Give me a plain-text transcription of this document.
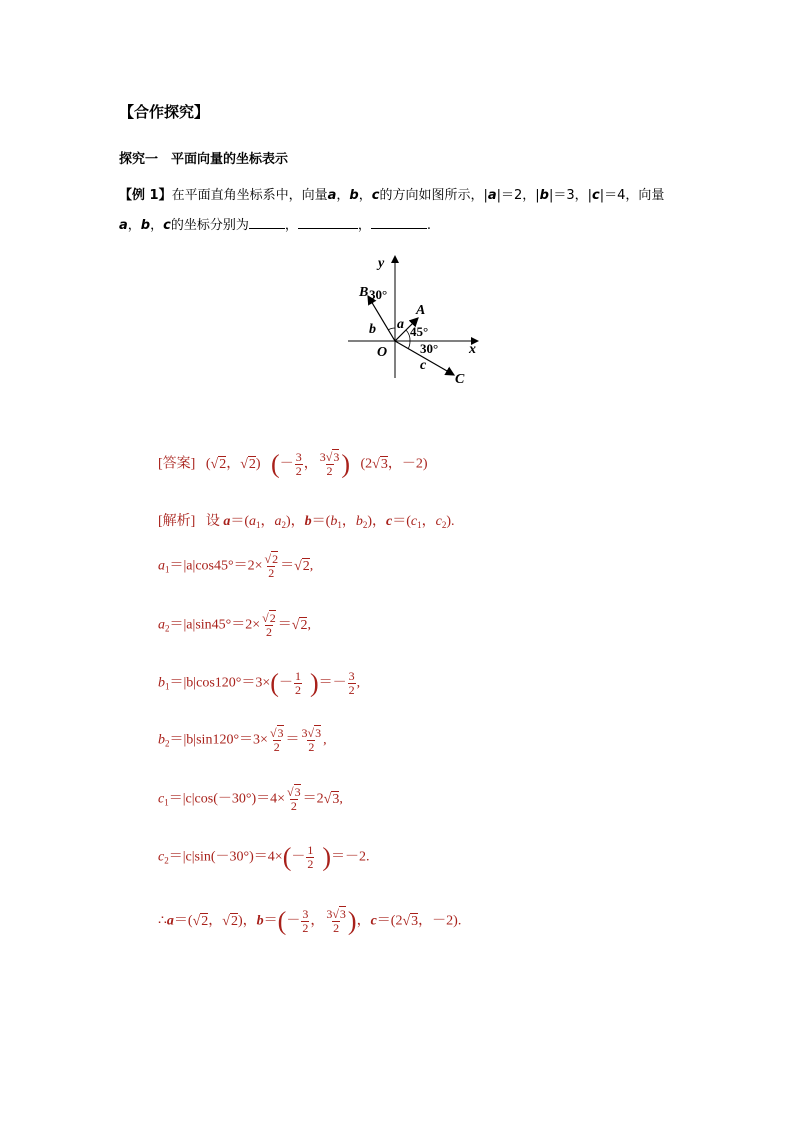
【合作探究】
探究一　平面向量的坐标表示
【例 1】在平面直角坐标系中，向量a，b，c的方向如图所示，|a|＝2，|b|＝3，|c|＝4，向量
a，b，c的坐标分别为	，	，	.
y
x
O
A
B
C
a
b
c
45°
30°
30°
[答案]   (√2，√2)   (－ $\frac{3}{2}$ ， $\frac{3√3}{2}$ )   (2√3，－2)
[解析] 设 $a=(a_1$，$a_2$)，$b=(b_1$，$b_2$)，$c=(c_1$，$c_2$).
$a_1=|a|\cos 45^\circ=2\times \frac{√2}{2} =√2$,
$a_2=|a|\sin 45^\circ=2\times \frac{√2}{2} =√2$,
$b_1=|b|\cos 120^\circ=3\times(- \frac{1}{2}$ )＝－ $\frac{3}{2}$ ,
$b_2=|b|\sin 120^\circ=3\times \frac{√3}{2} = \frac{3√3}{2}$ ,
$c_1=|c|\cos(-30^\circ)=4\times \frac{√3}{2} =2√3$,
$c_2=|c|\sin(-30^\circ)=4\times(- \frac{1}{2} )=-2$.
∴a＝(√2，√2)，$b=(- \frac{3}{2}$ ， $\frac{3√3}{2}$ )，c＝(2√3，－2).
